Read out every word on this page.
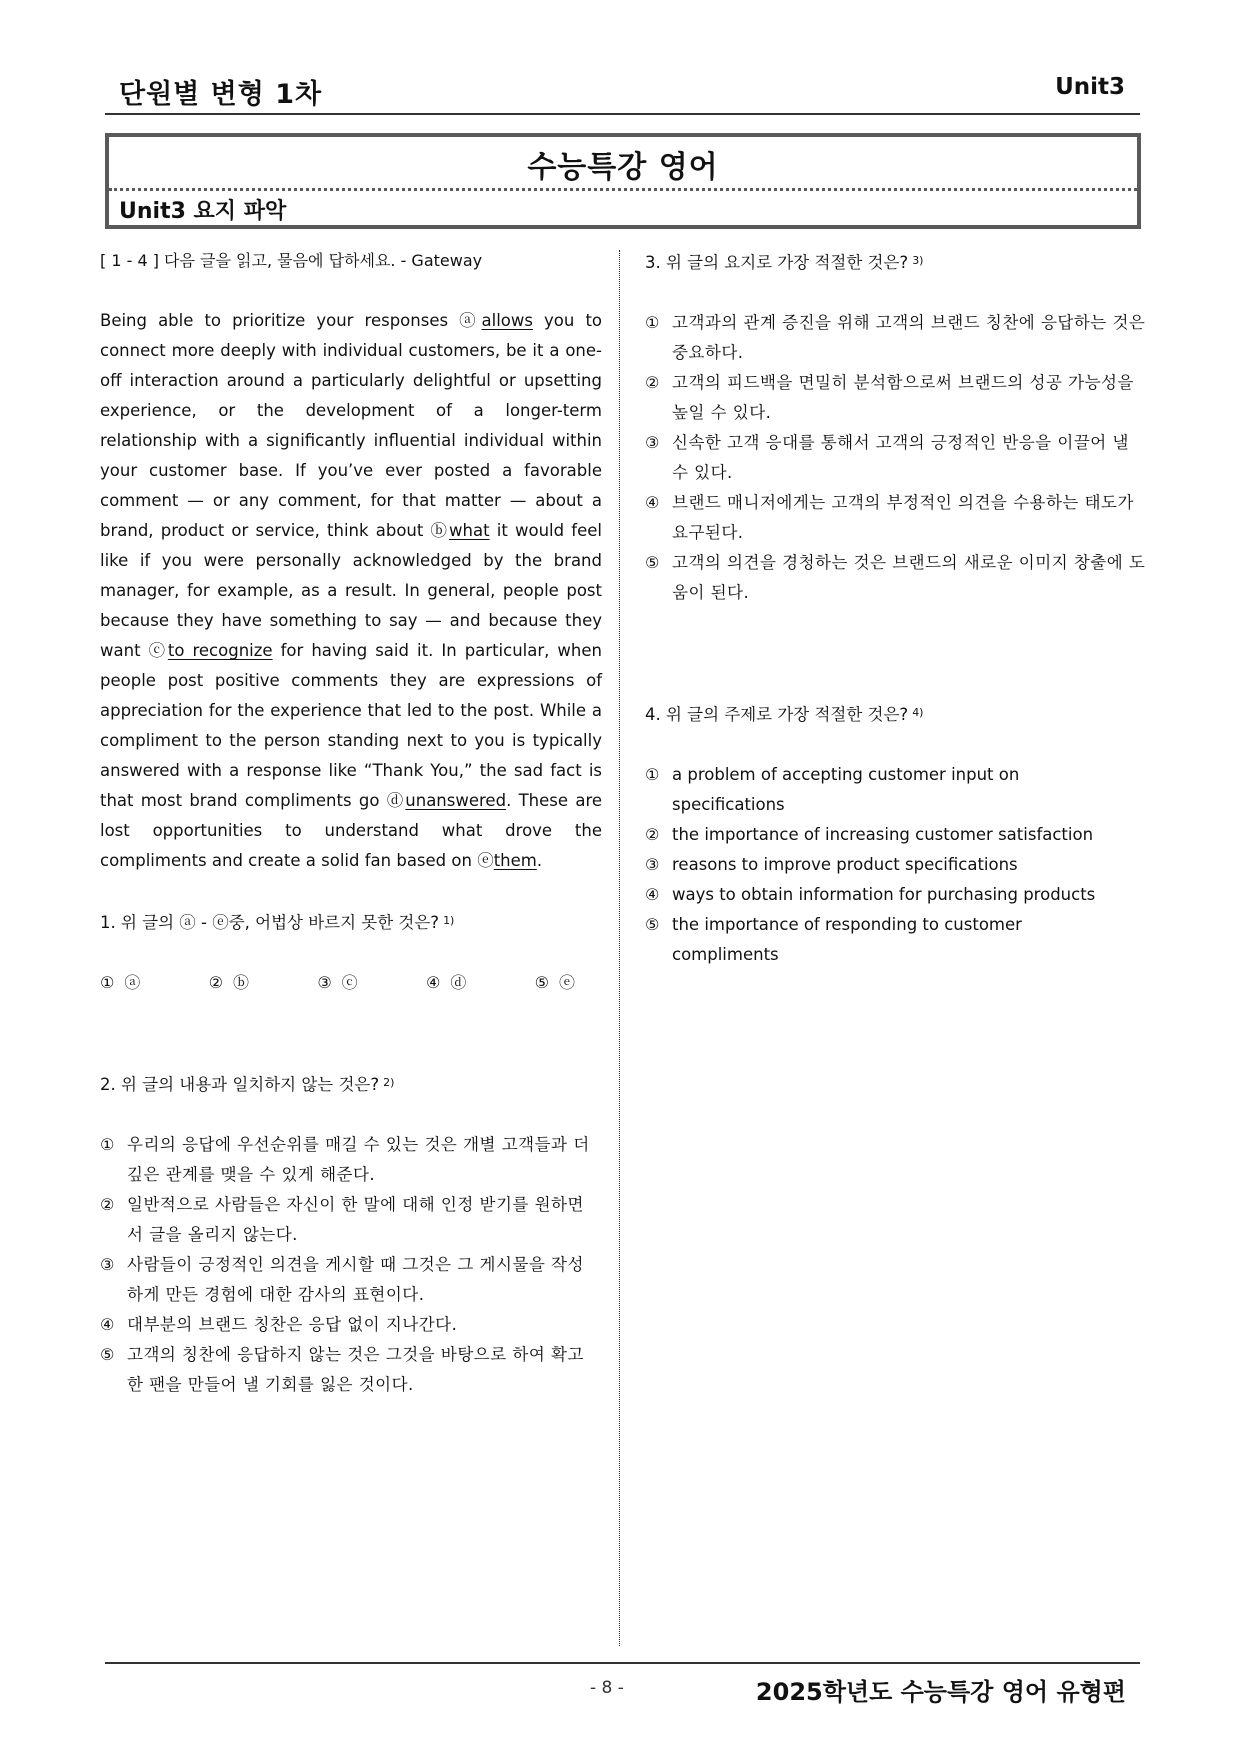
단원별 변형 1차	Unit3
수능특강 영어
Unit3 요지 파악

[ 1 - 4 ] 다음 글을 읽고, 물음에 답하세요. - Gateway

Being able to prioritize your responses ⓐallows you to connect more deeply with individual customers, be it a one-off interaction around a particularly delightful or upsetting experience, or the development of a longer-term relationship with a significantly influential individual within your customer base. If you’ve ever posted a favorable comment — or any comment, for that matter — about a brand, product or service, think about ⓑwhat it would feel like if you were personally acknowledged by the brand manager, for example, as a result. In general, people post because they have something to say — and because they want ⓒto recognize for having said it. In particular, when people post positive comments they are expressions of appreciation for the experience that led to the post. While a compliment to the person standing next to you is typically answered with a response like “Thank You,” the sad fact is that most brand compliments go ⓓunanswered. These are lost opportunities to understand what drove the compliments and create a solid fan based on ⓔthem.
1. 위 글의 ⓐ - ⓔ중, 어법상 바르지 못한 것은? $^{1)}$
① ⓐ	② ⓑ	③ ⓒ	④ ⓓ	⑤ ⓔ
2. 위 글의 내용과 일치하지 않는 것은? $^{2)}$
① 우리의 응답에 우선순위를 매길 수 있는 것은 개별 고객들과 더 깊은 관계를 맺을 수 있게 해준다.
② 일반적으로 사람들은 자신이 한 말에 대해 인정 받기를 원하면서 글을 올리지 않는다.
③ 사람들이 긍정적인 의견을 게시할 때 그것은 그 게시물을 작성하게 만든 경험에 대한 감사의 표현이다.
④ 대부분의 브랜드 칭찬은 응답 없이 지나간다.
⑤ 고객의 칭찬에 응답하지 않는 것은 그것을 바탕으로 하여 확고한 팬을 만들어 낼 기회를 잃은 것이다.
3. 위 글의 요지로 가장 적절한 것은? $^{3)}$
① 고객과의 관계 증진을 위해 고객의 브랜드 칭찬에 응답하는 것은 중요하다.
② 고객의 피드백을 면밀히 분석함으로써 브랜드의 성공 가능성을 높일 수 있다.
③ 신속한 고객 응대를 통해서 고객의 긍정적인 반응을 이끌어 낼 수 있다.
④ 브랜드 매니저에게는 고객의 부정적인 의견을 수용하는 태도가 요구된다.
⑤ 고객의 의견을 경청하는 것은 브랜드의 새로운 이미지 창출에 도움이 된다.
4. 위 글의 주제로 가장 적절한 것은? $^{4)}$
① a problem of accepting customer input on specifications
② the importance of increasing customer satisfaction
③ reasons to improve product specifications
④ ways to obtain information for purchasing products
⑤ the importance of responding to customer compliments
- 8 -	2025학년도 수능특강 영어 유형편
